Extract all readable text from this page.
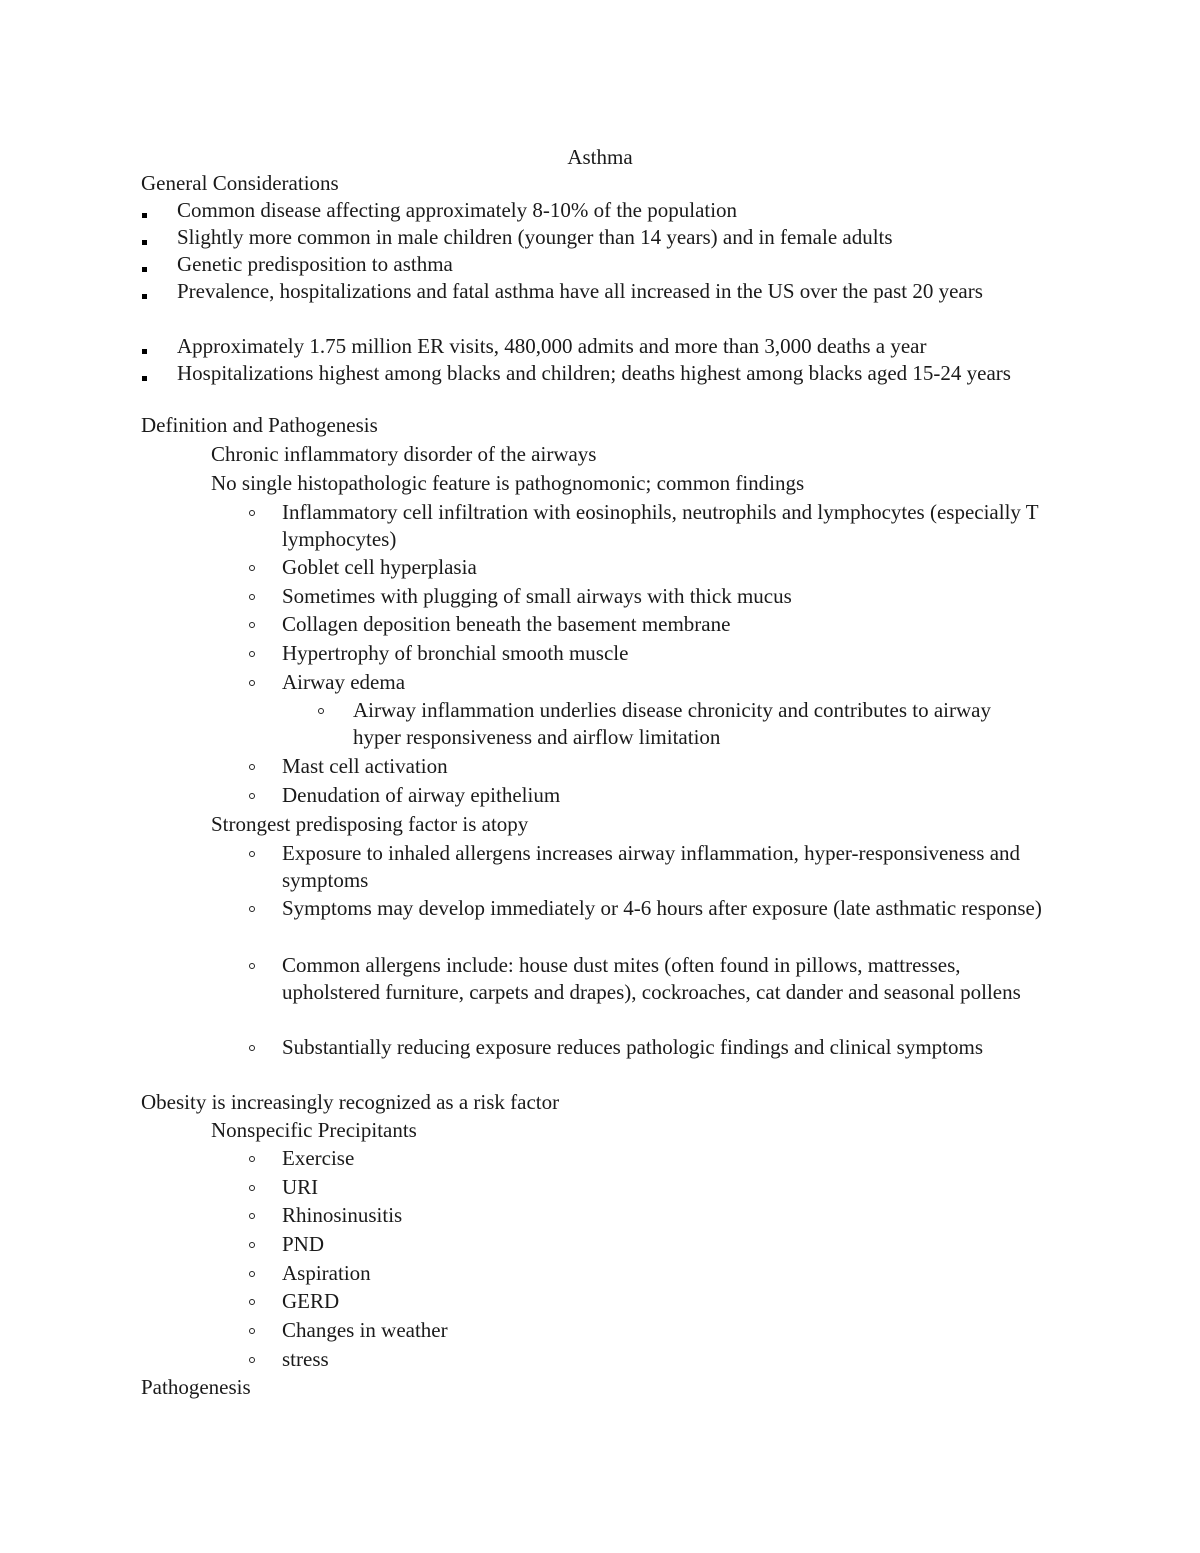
Asthma
General Considerations
Common disease affecting approximately 8-10% of the population
Slightly more common in male children (younger than 14 years) and in female adults
Genetic predisposition to asthma
Prevalence, hospitalizations and fatal asthma have all increased in the US over the past 20 years
Approximately 1.75 million ER visits, 480,000 admits and more than 3,000 deaths a year
Hospitalizations highest among blacks and children; deaths highest among blacks aged 15-24 years
Definition and Pathogenesis
Chronic inflammatory disorder of the airways
No single histopathologic feature is pathognomonic; common findings
Inflammatory cell infiltration with eosinophils, neutrophils and lymphocytes (especially T lymphocytes)
Goblet cell hyperplasia
Sometimes with plugging of small airways with thick mucus
Collagen deposition beneath the basement membrane
Hypertrophy of bronchial smooth muscle
Airway edema
Airway inflammation underlies disease chronicity and contributes to airway hyper responsiveness and airflow limitation
Mast cell activation
Denudation of airway epithelium
Strongest predisposing factor is atopy
Exposure to inhaled allergens increases airway inflammation, hyper-responsiveness and symptoms
Symptoms may develop immediately or 4-6 hours after exposure (late asthmatic response)
Common allergens include: house dust mites (often found in pillows, mattresses, upholstered furniture, carpets and drapes), cockroaches, cat dander and seasonal pollens
Substantially reducing exposure reduces pathologic findings and clinical symptoms
Obesity is increasingly recognized as a risk factor
Nonspecific Precipitants
Exercise
URI
Rhinosinusitis
PND
Aspiration
GERD
Changes in weather
stress
Pathogenesis
